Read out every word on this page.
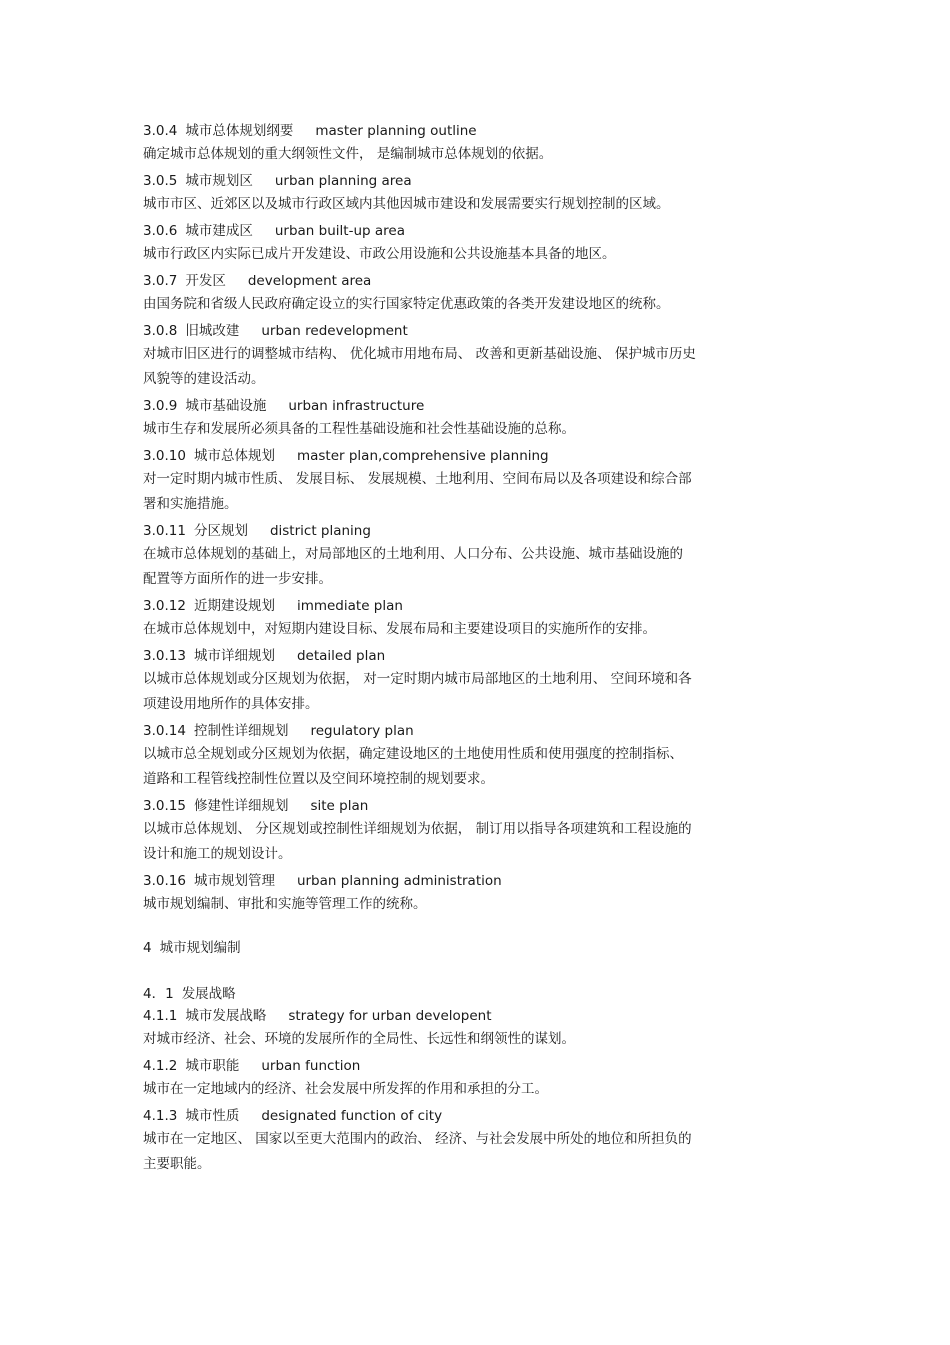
3.0.4 城市总体规划纲要 master planning outline
确定城市总体规划的重大纲领性文件， 是编制城市总体规划的依据。
3.0.5 城市规划区 urban planning area
城市市区、近郊区以及城市行政区域内其他因城市建设和发展需要实行规划控制的区域。
3.0.6 城市建成区 urban built-up area
城市行政区内实际已成片开发建设、市政公用设施和公共设施基本具备的地区。
3.0.7 开发区 development area
由国务院和省级人民政府确定设立的实行国家特定优惠政策的各类开发建设地区的统称。
3.0.8 旧城改建 urban redevelopment
对城市旧区进行的调整城市结构、 优化城市用地布局、 改善和更新基础设施、 保护城市历史
风貌等的建设活动。
3.0.9 城市基础设施 urban infrastructure
城市生存和发展所必须具备的工程性基础设施和社会性基础设施的总称。
3.0.10 城市总体规划 master plan,comprehensive planning
对一定时期内城市性质、 发展目标、 发展规模、土地利用、空间布局以及各项建设和综合部
署和实施措施。
3.0.11 分区规划 district planing
在城市总体规划的基础上，对局部地区的土地利用、人口分布、公共设施、城市基础设施的
配置等方面所作的进一步安排。
3.0.12 近期建设规划 immediate plan
在城市总体规划中，对短期内建设目标、发展布局和主要建设项目的实施所作的安排。
3.0.13 城市详细规划 detailed plan
以城市总体规划或分区规划为依据， 对一定时期内城市局部地区的土地利用、 空间环境和各
项建设用地所作的具体安排。
3.0.14 控制性详细规划 regulatory plan
以城市总全规划或分区规划为依据，确定建设地区的土地使用性质和使用强度的控制指标、
道路和工程管线控制性位置以及空间环境控制的规划要求。
3.0.15 修建性详细规划 site plan
以城市总体规划、 分区规划或控制性详细规划为依据， 制订用以指导各项建筑和工程设施的
设计和施工的规划设计。
3.0.16 城市规划管理 urban planning administration
城市规划编制、审批和实施等管理工作的统称。
4 城市规划编制
4．1 发展战略
4.1.1 城市发展战略 strategy for urban developent
对城市经济、社会、环境的发展所作的全局性、长远性和纲领性的谋划。
4.1.2 城市职能 urban function
城市在一定地域内的经济、社会发展中所发挥的作用和承担的分工。
4.1.3 城市性质 designated function of city
城市在一定地区、 国家以至更大范围内的政治、 经济、与社会发展中所处的地位和所担负的
主要职能。
